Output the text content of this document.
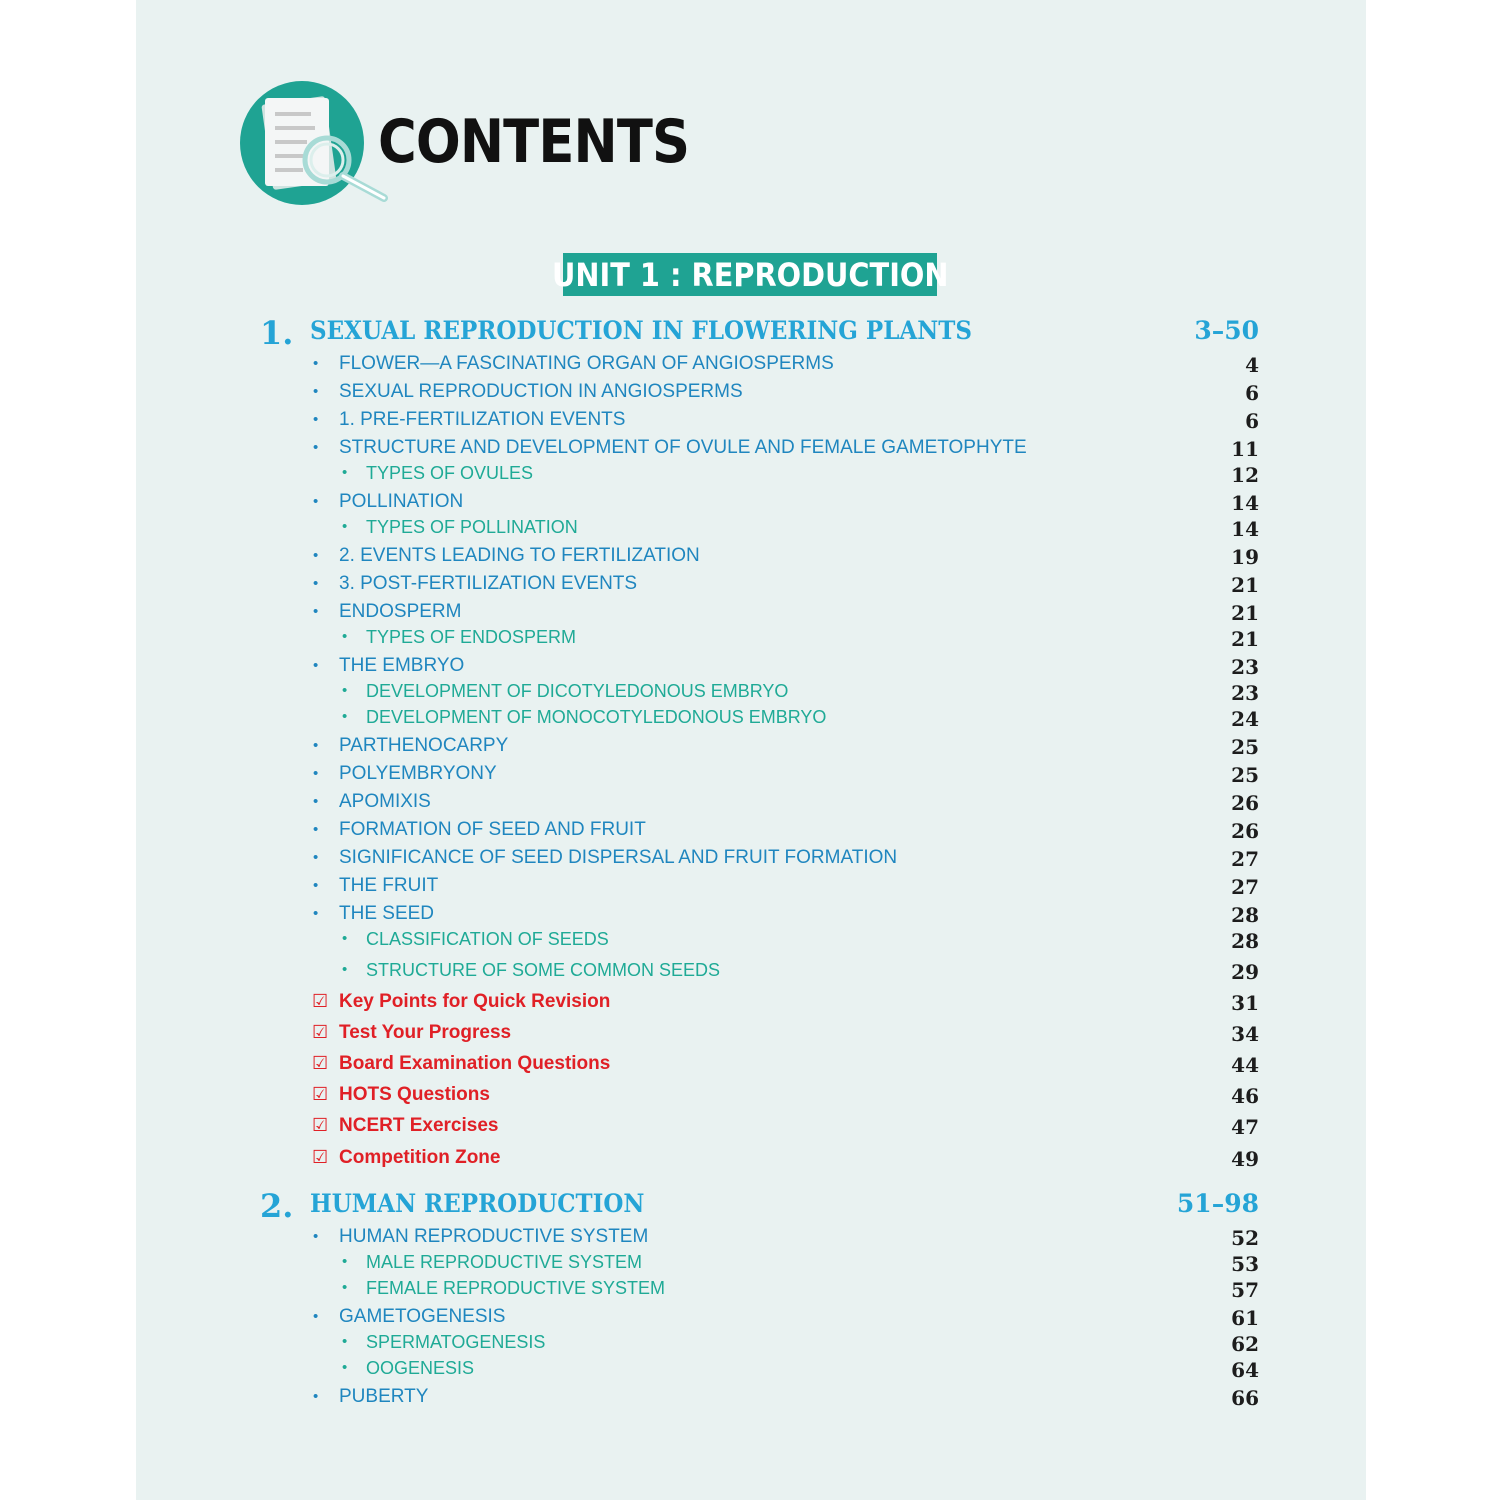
CONTENTS
UNIT 1 : REPRODUCTION
1. SEXUAL REPRODUCTION IN FLOWERING PLANTS	3–50
• FLOWER—A FASCINATING ORGAN OF ANGIOSPERMS	4
• SEXUAL REPRODUCTION IN ANGIOSPERMS	6
• 1. PRE-FERTILIZATION EVENTS	6
• STRUCTURE AND DEVELOPMENT OF OVULE AND FEMALE GAMETOPHYTE	11
• TYPES OF OVULES	12
• POLLINATION	14
• TYPES OF POLLINATION	14
• 2. EVENTS LEADING TO FERTILIZATION	19
• 3. POST-FERTILIZATION EVENTS	21
• ENDOSPERM	21
• TYPES OF ENDOSPERM	21
• THE EMBRYO	23
• DEVELOPMENT OF DICOTYLEDONOUS EMBRYO	23
• DEVELOPMENT OF MONOCOTYLEDONOUS EMBRYO	24
• PARTHENOCARPY	25
• POLYEMBRYONY	25
• APOMIXIS	26
• FORMATION OF SEED AND FRUIT	26
• SIGNIFICANCE OF SEED DISPERSAL AND FRUIT FORMATION	27
• THE FRUIT	27
• THE SEED	28
• CLASSIFICATION OF SEEDS	28
• STRUCTURE OF SOME COMMON SEEDS	29
☑ Key Points for Quick Revision	31
☑ Test Your Progress	34
☑ Board Examination Questions	44
☑ HOTS Questions	46
☑ NCERT Exercises	47
☑ Competition Zone	49
2. HUMAN REPRODUCTION	51–98
• HUMAN REPRODUCTIVE SYSTEM	52
• MALE REPRODUCTIVE SYSTEM	53
• FEMALE REPRODUCTIVE SYSTEM	57
• GAMETOGENESIS	61
• SPERMATOGENESIS	62
• OOGENESIS	64
• PUBERTY	66
